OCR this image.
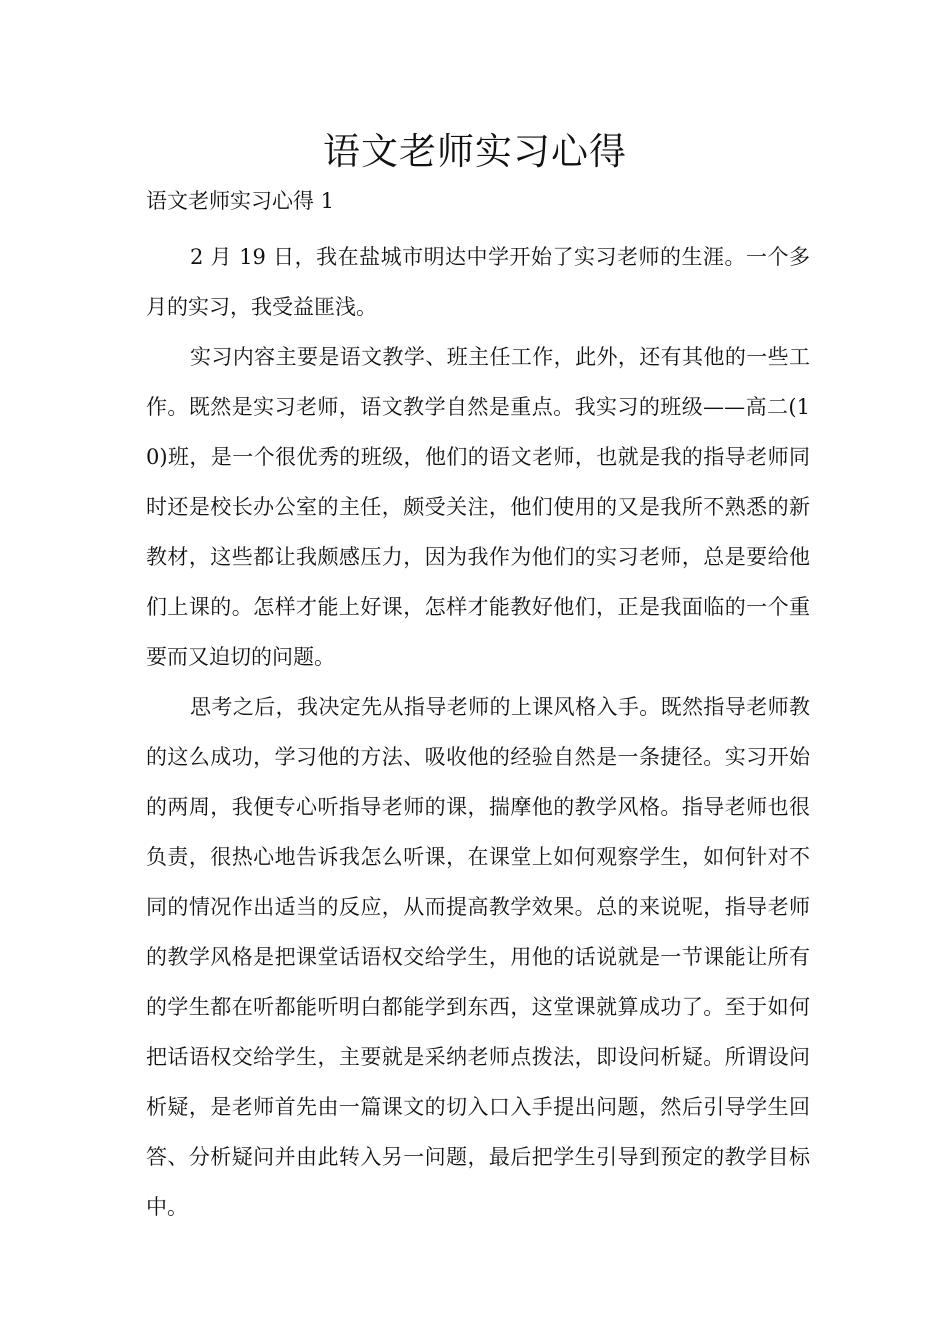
语文老师实习心得

语文老师实习心得 1

2 月 19 日，我在盐城市明达中学开始了实习老师的生涯。一个多月的实习，我受益匪浅。

实习内容主要是语文教学、班主任工作，此外，还有其他的一些工作。既然是实习老师，语文教学自然是重点。我实习的班级——高二(10)班，是一个很优秀的班级，他们的语文老师，也就是我的指导老师同时还是校长办公室的主任，颇受关注，他们使用的又是我所不熟悉的新教材，这些都让我颇感压力，因为我作为他们的实习老师，总是要给他们上课的。怎样才能上好课，怎样才能教好他们，正是我面临的一个重要而又迫切的问题。

思考之后，我决定先从指导老师的上课风格入手。既然指导老师教的这么成功，学习他的方法、吸收他的经验自然是一条捷径。实习开始的两周，我便专心听指导老师的课，揣摩他的教学风格。指导老师也很负责，很热心地告诉我怎么听课，在课堂上如何观察学生，如何针对不同的情况作出适当的反应，从而提高教学效果。总的来说呢，指导老师的教学风格是把课堂话语权交给学生，用他的话说就是一节课能让所有的学生都在听都能听明白都能学到东西，这堂课就算成功了。至于如何把话语权交给学生，主要就是采纳老师点拨法，即设问析疑。所谓设问析疑，是老师首先由一篇课文的切入口入手提出问题，然后引导学生回答、分析疑问并由此转入另一问题，最后把学生引导到预定的教学目标中。
